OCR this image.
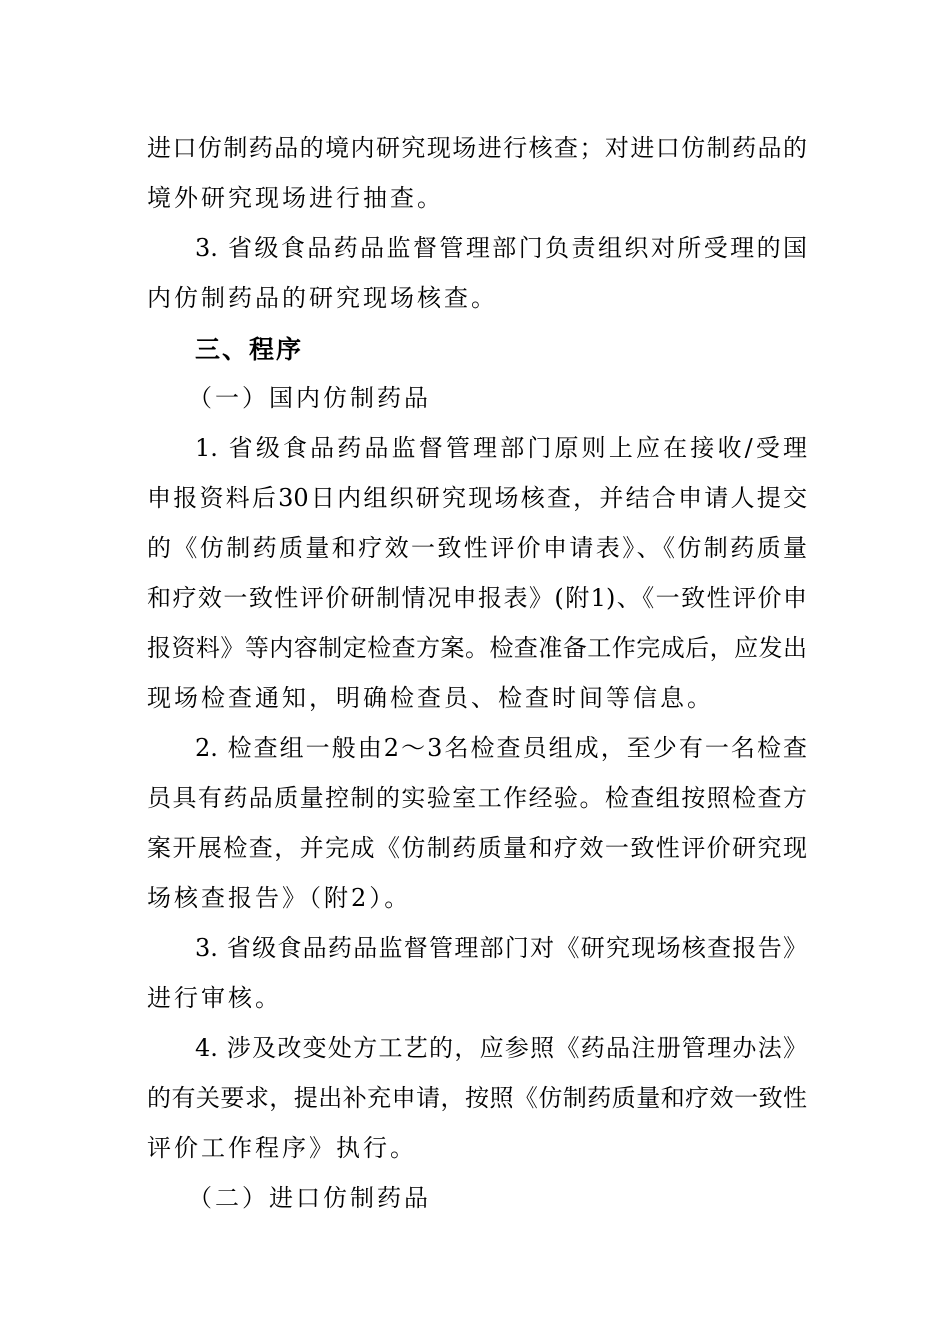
进口仿制药品的境内研究现场进行核查；对进口仿制药品的
境外研究现场进行抽查。
3. 省级食品药品监督管理部门负责组织对所受理的国
内仿制药品的研究现场核查。
三、程序
（一）国内仿制药品
1. 省级食品药品监督管理部门原则上应在接收/受理
申报资料后30日内组织研究现场核查，并结合申请人提交
的《仿制药质量和疗效一致性评价申请表》、《仿制药质量
和疗效一致性评价研制情况申报表》(附1)、《一致性评价申
报资料》等内容制定检查方案。检查准备工作完成后，应发出
现场检查通知，明确检查员、检查时间等信息。
2. 检查组一般由2～3名检查员组成，至少有一名检查
员具有药品质量控制的实验室工作经验。检查组按照检查方
案开展检查，并完成《仿制药质量和疗效一致性评价研究现
场核查报告》（附2）。
3. 省级食品药品监督管理部门对《研究现场核查报告》
进行审核。
4. 涉及改变处方工艺的，应参照《药品注册管理办法》
的有关要求，提出补充申请，按照《仿制药质量和疗效一致性
评价工作程序》执行。
（二）进口仿制药品
